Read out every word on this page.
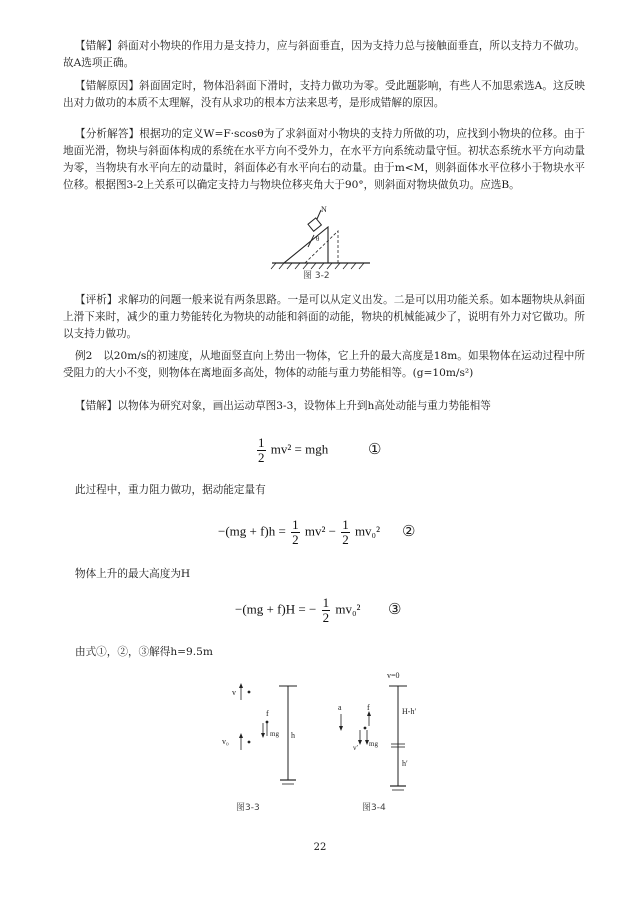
【错解】斜面对小物块的作用力是支持力，应与斜面垂直，因为支持力总与接触面垂直，所以支持力不做功。故A选项正确。
【错解原因】斜面固定时，物体沿斜面下滑时，支持力做功为零。受此题影响，有些人不加思索选A。这反映出对力做功的本质不太理解，没有从求功的根本方法来思考，是形成错解的原因。
【分析解答】根据功的定义W=F·scosθ为了求斜面对小物块的支持力所做的功，应找到小物块的位移。由于地面光滑，物块与斜面体构成的系统在水平方向不受外力，在水平方向系统动量守恒。初状态系统水平方向动量为零，当物块有水平向左的动量时，斜面体必有水平向右的动量。由于m<M，则斜面体水平位移小于物块水平位移。根据图3-2上关系可以确定支持力与物块位移夹角大于90°，则斜面对物块做负功。应选B。
N
θ
图 3-2
【评析】求解功的问题一般来说有两条思路。一是可以从定义出发。二是可以用功能关系。如本题物块从斜面上滑下来时，减少的重力势能转化为物块的动能和斜面的动能，物块的机械能减少了，说明有外力对它做功。所以支持力做功。
例2　以20m/s的初速度，从地面竖直向上势出一物体，它上升的最大高度是18m。如果物体在运动过程中所受阻力的大小不变，则物体在离地面多高处，物体的动能与重力势能相等。(g=10m/s²)
【错解】以物体为研究对象，画出运动草图3-3，设物体上升到h高处动能与重力势能相等
$\frac{1}{2} mv^2$ = mgh	①
此过程中，重力阻力做功，据动能定量有
$-(mg + f)h = \frac{1}{2} mv^2 - \frac{1}{2} mv_0^2$ ②
物体上升的最大高度为H
−(mg + f)H = − $\frac{1}{2} mv_0^2$ ③
由式①，②，③解得h=9.5m
v
f
mg h
v₀
图3-3
v=0
H-h′
h′
a	f
v′ mg
图3-4
22
